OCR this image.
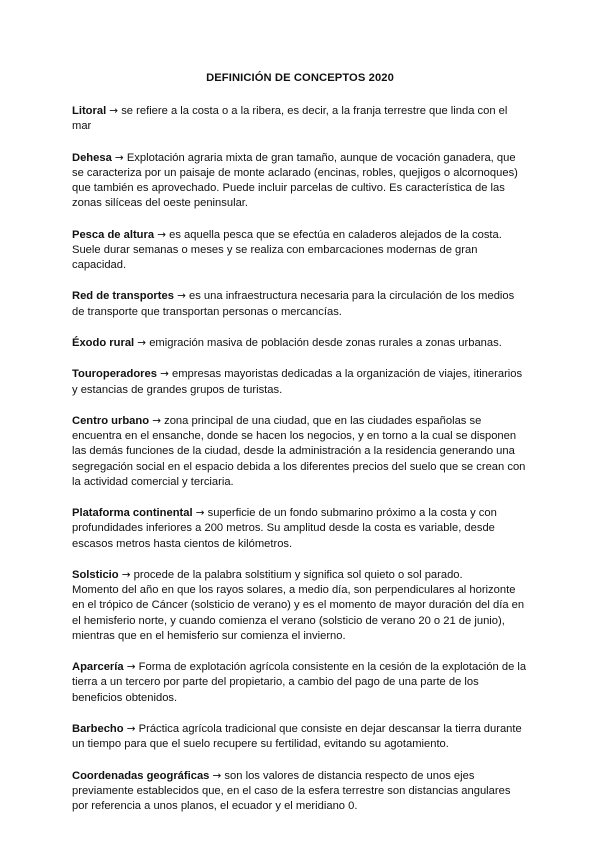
DEFINICIÓN DE CONCEPTOS 2020
Litoral → se refiere a la costa o a la ribera, es decir, a la franja terrestre que linda con el mar
Dehesa → Explotación agraria mixta de gran tamaño, aunque de vocación ganadera, que se caracteriza por un paisaje de monte aclarado (encinas, robles, quejigos o alcornoques) que también es aprovechado. Puede incluir parcelas de cultivo. Es característica de las zonas silíceas del oeste peninsular.
Pesca de altura → es aquella pesca que se efectúa en caladeros alejados de la costa. Suele durar semanas o meses y se realiza con embarcaciones modernas de gran capacidad.
Red de transportes → es una infraestructura necesaria para la circulación de los medios de transporte que transportan personas o mercancías.
Éxodo rural → emigración masiva de población desde zonas rurales a zonas urbanas.
Touroperadores → empresas mayoristas dedicadas a la organización de viajes, itinerarios y estancias de grandes grupos de turistas.
Centro urbano → zona principal de una ciudad, que en las ciudades españolas se encuentra en el ensanche, donde se hacen los negocios, y en torno a la cual se disponen las demás funciones de la ciudad, desde la administración a la residencia generando una segregación social en el espacio debida a los diferentes precios del suelo que se crean con la actividad comercial y terciaria.
Plataforma continental → superficie de un fondo submarino próximo a la costa y con profundidades inferiores a 200 metros. Su amplitud desde la costa es variable, desde escasos metros hasta cientos de kilómetros.
Solsticio → procede de la palabra solstitium y significa sol quieto o sol parado.
Momento del año en que los rayos solares, a medio día, son perpendiculares al horizonte en el trópico de Cáncer (solsticio de verano) y es el momento de mayor duración del día en el hemisferio norte, y cuando comienza el verano (solsticio de verano 20 o 21 de junio), mientras que en el hemisferio sur comienza el invierno.
Aparcería → Forma de explotación agrícola consistente en la cesión de la explotación de la tierra a un tercero por parte del propietario, a cambio del pago de una parte de los beneficios obtenidos.
Barbecho → Práctica agrícola tradicional que consiste en dejar descansar la tierra durante un tiempo para que el suelo recupere su fertilidad, evitando su agotamiento.
Coordenadas geográficas → son los valores de distancia respecto de unos ejes previamente establecidos que, en el caso de la esfera terrestre son distancias angulares por referencia a unos planos, el ecuador y el meridiano 0.
